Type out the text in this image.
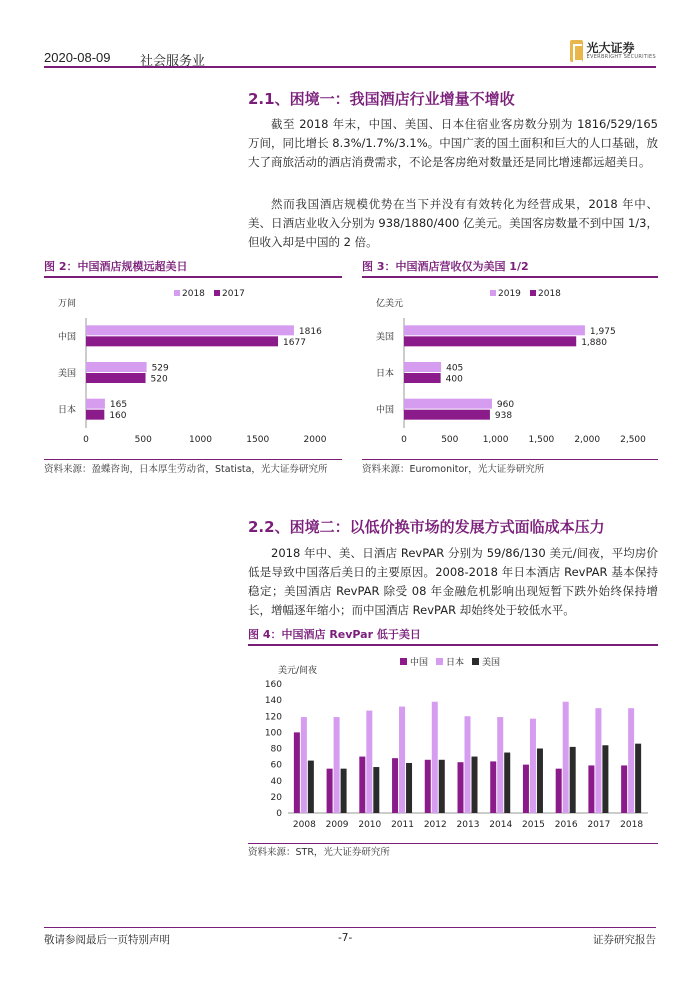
2020-08-09 社会服务业
光大证券
EVERBRIGHT SECURITIES
2.1、困境一：我国酒店行业增量不增收
截至 2018 年末，中国、美国、日本住宿业客房数分别为 1816/529/165 万间，同比增长 8.3%/1.7%/3.1%。中国广袤的国土面积和巨大的人口基础，放大了商旅活动的酒店消费需求，不论是客房绝对数量还是同比增速都远超美日。
然而我国酒店规模优势在当下并没有有效转化为经营成果，2018 年中、美、日酒店业收入分别为 938/1880/400 亿美元。美国客房数量不到中国 1/3，但收入却是中国的 2 倍。
图 2：中国酒店规模远超美日
2018 2017
万间
中国
1816
1677
美国
529
520
日本
165
160
0	500	1000	1500	2000
资料来源：盈蝶咨询，日本厚生劳动省，Statista，光大证券研究所
图 3：中国酒店营收仅为美国 1/2
2019 2018
亿美元
美国
1,975
1,880
日本
405
400
中国
960
938
0	500	1,000 1,500 2,000 2,500
资料来源：Euromonitor，光大证券研究所
2.2、困境二：以低价换市场的发展方式面临成本压力
2018 年中、美、日酒店 RevPAR 分别为 59/86/130 美元/间夜，平均房价低是导致中国落后美日的主要原因。2008-2018 年日本酒店 RevPAR 基本保持稳定；美国酒店 RevPAR 除受 08 年金融危机影响出现短暂下跌外始终保持增长，增幅逐年缩小；而中国酒店 RevPAR 却始终处于较低水平。
图 4：中国酒店 RevPar 低于美日
中国 日本 美国
美元/间夜
0
20
40
60
80
100
120
140
160
2008 2009 2010 2011 2012 2013 2014 2015 2016 2017 2018
资料来源：STR，光大证券研究所
敬请参阅最后一页特别声明	-7-	证券研究报告
